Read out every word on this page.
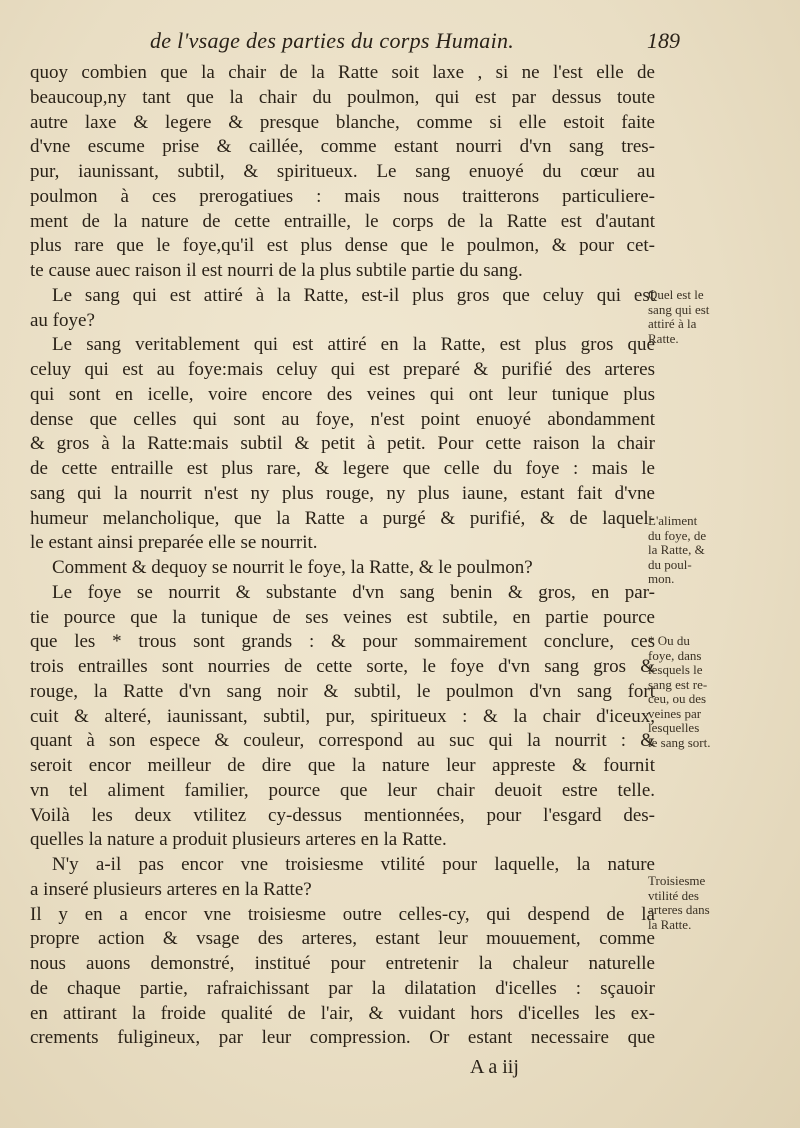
de l'vsage des parties du corps Humain.	189
quoy combien que la chair de la Ratte soit laxe , si ne l'est elle de
beaucoup,ny tant que la chair du poulmon, qui est par dessus toute
autre laxe & legere & presque blanche, comme si elle estoit faite
d'vne escume prise & caillée, comme estant nourri d'vn sang tres-
pur, iaunissant, subtil, & spiritueux. Le sang enuoyé du cœur au
poulmon à ces prerogatiues : mais nous traitterons particuliere-
ment de la nature de cette entraille, le corps de la Ratte est d'autant
plus rare que le foye,qu'il est plus dense que le poulmon, & pour cet-
te cause auec raison il est nourri de la plus subtile partie du sang.
Le sang qui est attiré à la Ratte, est-il plus gros que celuy qui est
au foye?
Le sang veritablement qui est attiré en la Ratte, est plus gros que
celuy qui est au foye:mais celuy qui est preparé & purifié des arteres
qui sont en icelle, voire encore des veines qui ont leur tunique plus
dense que celles qui sont au foye, n'est point enuoyé abondamment
& gros à la Ratte:mais subtil & petit à petit. Pour cette raison la chair
de cette entraille est plus rare, & legere que celle du foye : mais le
sang qui la nourrit n'est ny plus rouge, ny plus iaune, estant fait d'vne
humeur melancholique, que la Ratte a purgé & purifié, & de laquel-
le estant ainsi preparée elle se nourrit.
Comment & dequoy se nourrit le foye, la Ratte, & le poulmon?
Le foye se nourrit & substante d'vn sang benin & gros, en par-
tie pource que la tunique de ses veines est subtile, en partie pource
que les * trous sont grands : & pour sommairement conclure, ces
trois entrailles sont nourries de cette sorte, le foye d'vn sang gros &
rouge, la Ratte d'vn sang noir & subtil, le poulmon d'vn sang fort
cuit & alteré, iaunissant, subtil, pur, spiritueux : & la chair d'iceux,
quant à son espece & couleur, correspond au suc qui la nourrit : &
seroit encor meilleur de dire que la nature leur appreste & fournit
vn tel aliment familier, pource que leur chair deuoit estre telle.
Voilà les deux vtilitez cy-dessus mentionnées, pour l'esgard des-
quelles la nature a produit plusieurs arteres en la Ratte.
N'y a-il pas encor vne troisiesme vtilité pour laquelle, la nature
a inseré plusieurs arteres en la Ratte?
Il y en a encor vne troisiesme outre celles-cy, qui despend de la
propre action & vsage des arteres, estant leur mouuement, comme
nous auons demonstré, institué pour entretenir la chaleur naturelle
de chaque partie, rafraichissant par la dilatation d'icelles : sçauoir
en attirant la froide qualité de l'air, & vuidant hors d'icelles les ex-
crements fuligineux, par leur compression. Or estant necessaire que
Quel est le
sang qui est
attiré à la
Ratte.
L'aliment
du foye, de
la Ratte, &
du poul-
mon.
* Ou du
foye, dans
lesquels le
sang est re-
ceu, ou des
veines par
lesquelles
le sang sort.
Troisiesme
vtilité des
arteres dans
la Ratte.
A a iij
